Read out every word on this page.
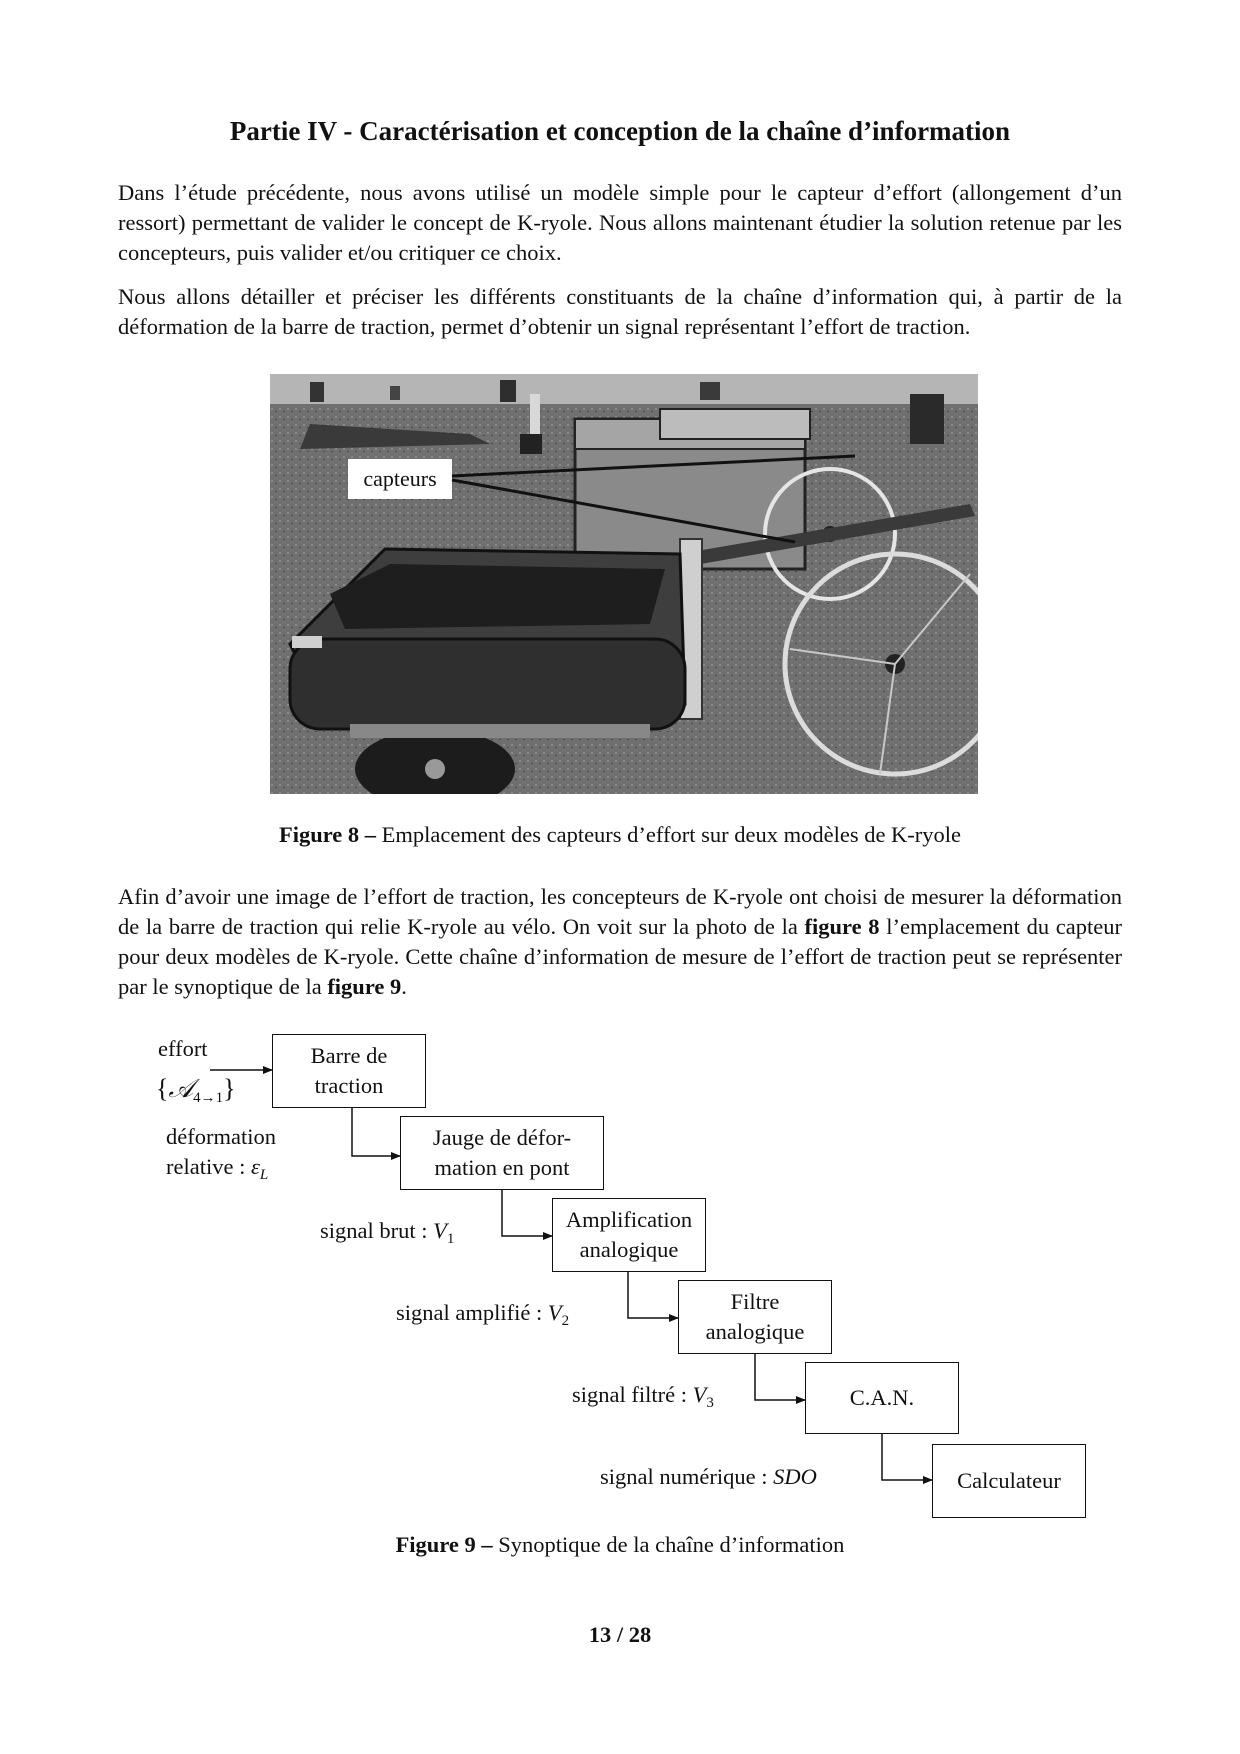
Partie IV - Caractérisation et conception de la chaîne d’information

Dans l’étude précédente, nous avons utilisé un modèle simple pour le capteur d’effort (allongement d’un ressort) permettant de valider le concept de K-ryole. Nous allons maintenant étudier la solution retenue par les concepteurs, puis valider et/ou critiquer ce choix.

Nous allons détailler et préciser les différents constituants de la chaîne d’information qui, à partir de la déformation de la barre de traction, permet d’obtenir un signal représentant l’effort de traction.

capteurs
Figure 8 – Emplacement des capteurs d’effort sur deux modèles de K-ryole

Afin d’avoir une image de l’effort de traction, les concepteurs de K-ryole ont choisi de mesurer la déformation de la barre de traction qui relie K-ryole au vélo. On voit sur la photo de la figure 8 l’emplacement du capteur pour deux modèles de K-ryole. Cette chaîne d’information de mesure de l’effort de traction peut se représenter par le synoptique de la figure 9.

effort
{𝒜$_{4\to 1}$}
Barre de traction
Jauge de défor-mation en pont
Amplification analogique
Filtre analogique
C.A.N.
Calculateur
déformation
relative : $\varepsilon_L$
signal brut : $V_1$
signal amplifié : $V_2$
signal filtré : $V_3$
signal numérique : SDO
Figure 9 – Synoptique de la chaîne d’information
13 / 28
